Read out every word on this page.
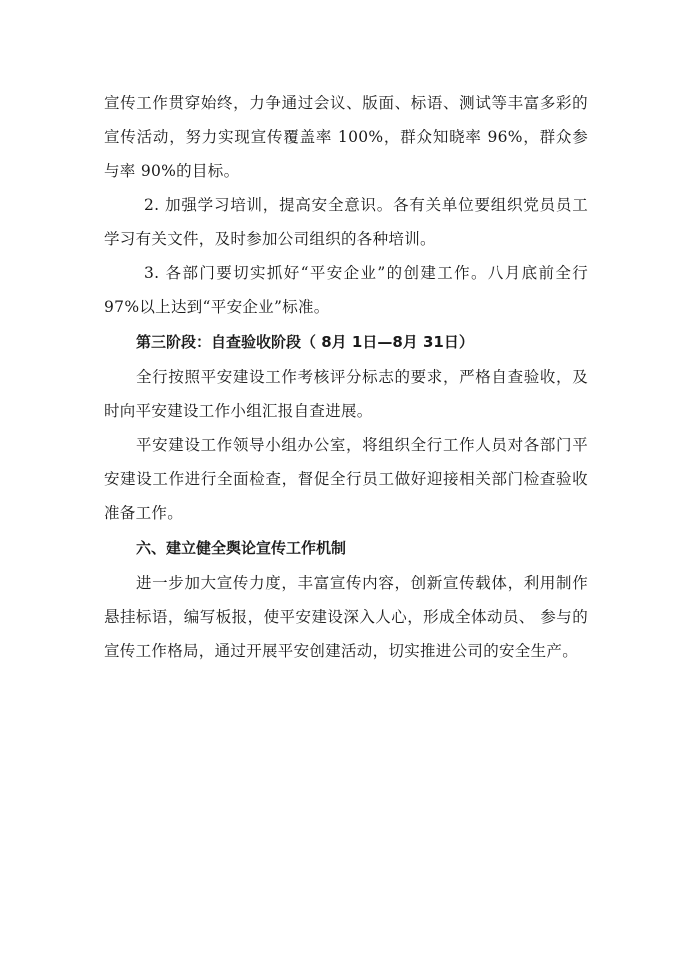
宣传工作贯穿始终，力争通过会议、版面、标语、测试等丰富多彩的宣传活动，努力实现宣传覆盖率 100%，群众知晓率 96%，群众参与率 90%的目标。

2. 加强学习培训，提高安全意识。各有关单位要组织党员员工学习有关文件，及时参加公司组织的各种培训。

3. 各部门要切实抓好“平安企业”的创建工作。八月底前全行97%以上达到“平安企业”标准。

第三阶段：自查验收阶段（ 8月 1日—8月 31日）

全行按照平安建设工作考核评分标志的要求，严格自查验收，及时向平安建设工作小组汇报自查进展。

平安建设工作领导小组办公室，将组织全行工作人员对各部门平安建设工作进行全面检查，督促全行员工做好迎接相关部门检查验收准备工作。

六、建立健全舆论宣传工作机制

进一步加大宣传力度，丰富宣传内容，创新宣传载体，利用制作悬挂标语，编写板报，使平安建设深入人心，形成全体动员、 参与的宣传工作格局，通过开展平安创建活动，切实推进公司的安全生产。
